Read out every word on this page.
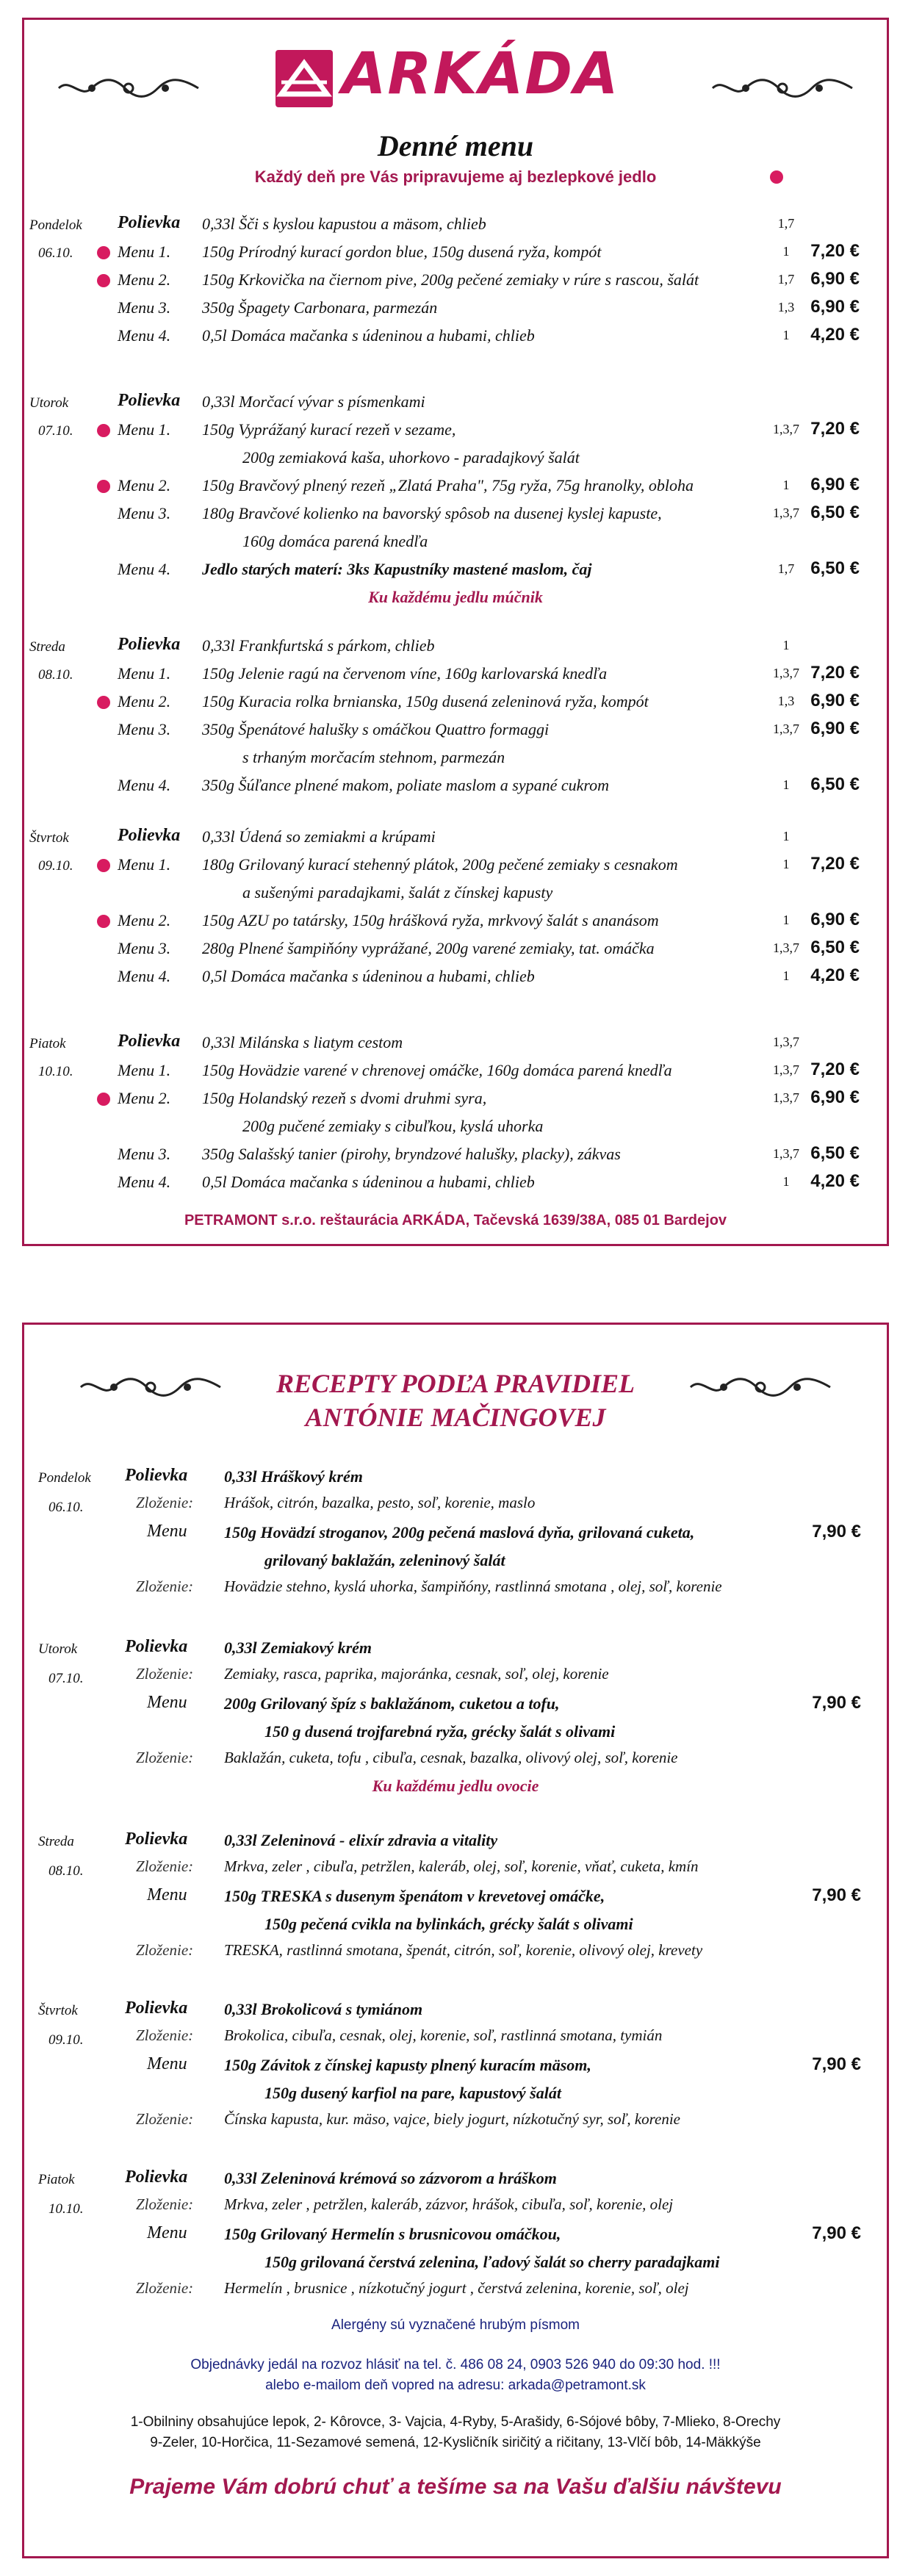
ARKÁDA
Denné menu
Každý deň pre Vás pripravujeme aj bezlepkové jedlo
Pondelok
06.10.
Polievka 0,33l Šči s kyslou kapustou a mäsom, chlieb	1,7
Menu 1. 150g Prírodný kurací gordon blue, 150g dusená ryža, kompót	1	7,20 €
Menu 2. 150g Krkovička na čiernom pive, 200g pečené zemiaky v rúre s rascou, šalát	1,7 6,90 €
Menu 3. 350g Špagety Carbonara, parmezán	1,3 6,90 €
Menu 4. 0,5l Domáca mačanka s údeninou a hubami, chlieb	1	4,20 €
Utorok
07.10.
Polievka 0,33l Morčací vývar s písmenkami
Menu 1. 150g Vyprážaný kurací rezeň v sezame,	1,3,7 7,20 €
200g zemiaková kaša, uhorkovo - paradajkový šalát
Menu 2. 150g Bravčový plnený rezeň „Zlatá Praha", 75g ryža, 75g hranolky, obloha	1	6,90 €
Menu 3. 180g Bravčové kolienko na bavorský spôsob na dusenej kyslej kapuste,	1,3,7 6,50 €
160g domáca parená knedľa
Menu 4. Jedlo starých materí: 3ks Kapustníky mastené maslom, čaj	1,7 6,50 €
Ku každému jedlu múčnik
Streda
08.10.
Polievka 0,33l Frankfurtská s párkom, chlieb	1
Menu 1. 150g Jelenie ragú na červenom víne, 160g karlovarská knedľa	1,3,7 7,20 €
Menu 2. 150g Kuracia rolka brnianska, 150g dusená zeleninová ryža, kompót	1,3 6,90 €
Menu 3. 350g Špenátové halušky s omáčkou Quattro formaggi	1,3,7 6,90 €
s trhaným morčacím stehnom, parmezán
Menu 4. 350g Šúľance plnené makom, poliate maslom a sypané cukrom	1	6,50 €
Štvrtok
09.10.
Polievka 0,33l Údená so zemiakmi a krúpami	1
Menu 1. 180g Grilovaný kurací stehenný plátok, 200g pečené zemiaky s cesnakom	1	7,20 €
a sušenými paradajkami, šalát z čínskej kapusty
Menu 2. 150g AZU po tatársky, 150g hrášková ryža, mrkvový šalát s ananásom	1	6,90 €
Menu 3. 280g Plnené šampiňóny vyprážané, 200g varené zemiaky, tat. omáčka	1,3,7 6,50 €
Menu 4. 0,5l Domáca mačanka s údeninou a hubami, chlieb	1	4,20 €
Piatok
10.10.
Polievka 0,33l Milánska s liatym cestom	1,3,7
Menu 1. 150g Hovädzie varené v chrenovej omáčke, 160g domáca parená knedľa	1,3,7 7,20 €
Menu 2. 150g Holandský rezeň s dvomi druhmi syra,	1,3,7 6,90 €
200g pučené zemiaky s cibuľkou, kyslá uhorka
Menu 3. 350g Salašský tanier (pirohy, bryndzové halušky, placky), zákvas	1,3,7 6,50 €
Menu 4. 0,5l Domáca mačanka s údeninou a hubami, chlieb	1	4,20 €
PETRAMONT s.r.o. reštaurácia ARKÁDA, Tačevská 1639/38A, 085 01 Bardejov
RECEPTY PODĽA PRAVIDIEL
ANTÓNIE MAČINGOVEJ
Pondelok
06.10.
Polievka 0,33l Hráškový krém
Zloženie: Hrášok, citrón, bazalka, pesto, soľ, korenie, maslo
Menu 150g Hovädzí stroganov, 200g pečená maslová dyňa, grilovaná cuketa,	7,90 €
grilovaný baklažán, zeleninový šalát
Zloženie: Hovädzie stehno, kyslá uhorka, šampiňóny, rastlinná smotana , olej, soľ, korenie
Utorok
07.10.
Polievka 0,33l Zemiakový krém
Zloženie: Zemiaky, rasca, paprika, majoránka, cesnak, soľ, olej, korenie
Menu 200g Grilovaný špíz s baklažánom, cuketou a tofu,	7,90 €
150 g dusená trojfarebná ryža, grécky šalát s olivami
Zloženie: Baklažán, cuketa, tofu , cibuľa, cesnak, bazalka, olivový olej, soľ, korenie
Ku každému jedlu ovocie
Streda
08.10.
Polievka 0,33l Zeleninová - elixír zdravia a vitality
Zloženie: Mrkva, zeler , cibuľa, petržlen, kaleráb, olej, soľ, korenie, vňať, cuketa, kmín
Menu 150g TRESKA s dusenym špenátom v krevetovej omáčke,	7,90 €
150g pečená cvikla na bylinkách, grécky šalát s olivami
Zloženie: TRESKA, rastlinná smotana, špenát, citrón, soľ, korenie, olivový olej, krevety
Štvrtok
09.10.
Polievka 0,33l Brokolicová s tymiánom
Zloženie: Brokolica, cibuľa, cesnak, olej, korenie, soľ, rastlinná smotana, tymián
Menu 150g Závitok z čínskej kapusty plnený kuracím mäsom,	7,90 €
150g dusený karfiol na pare, kapustový šalát
Zloženie: Čínska kapusta, kur. mäso, vajce, biely jogurt, nízkotučný syr, soľ, korenie
Piatok
10.10.
Polievka 0,33l Zeleninová krémová so zázvorom a hráškom
Zloženie: Mrkva, zeler , petržlen, kaleráb, zázvor, hrášok, cibuľa, soľ, korenie, olej
Menu 150g Grilovaný Hermelín s brusnicovou omáčkou,	7,90 €
150g grilovaná čerstvá zelenina, ľadový šalát so cherry paradajkami
Zloženie: Hermelín , brusnice , nízkotučný jogurt , čerstvá zelenina, korenie, soľ, olej
Alergény sú vyznačené hrubým písmom
Objednávky jedál na rozvoz hlásiť na tel. č. 486 08 24, 0903 526 940 do 09:30 hod. !!!
alebo e-mailom deň vopred na adresu: arkada@petramont.sk
1-Obilniny obsahujúce lepok, 2- Kôrovce, 3- Vajcia, 4-Ryby, 5-Arašidy, 6-Sójové bôby, 7-Mlieko, 8-Orechy
9-Zeler, 10-Horčica, 11-Sezamové semená, 12-Kysličník siričitý a ričitany, 13-Vlčí bôb, 14-Mäkkýše
Prajeme Vám dobrú chuť a tešíme sa na Vašu ďalšiu návštevu
